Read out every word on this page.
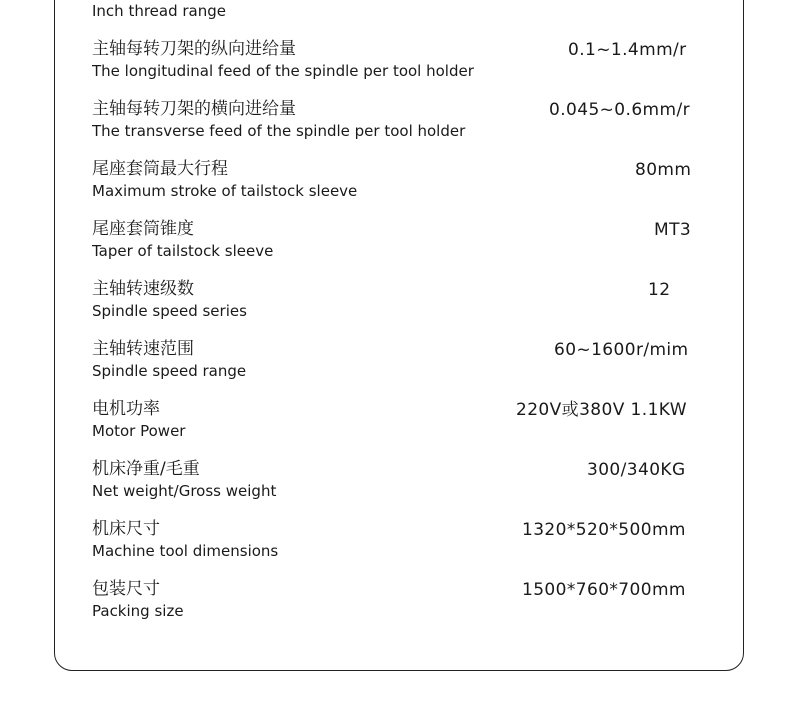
Inch thread range
主轴每转刀架的纵向进给量
The longitudinal feed of the spindle per tool holder
0.1~1.4mm/r
主轴每转刀架的横向进给量
The transverse feed of the spindle per tool holder
0.045~0.6mm/r
尾座套筒最大行程
Maximum stroke of tailstock sleeve
80mm
尾座套筒锥度
Taper of tailstock sleeve
MT3
主轴转速级数
Spindle speed series
12
主轴转速范围
Spindle speed range
60~1600r/mim
电机功率
Motor Power
220V或380V 1.1KW
机床净重/毛重
Net weight/Gross weight
300/340KG
机床尺寸
Machine tool dimensions
1320*520*500mm
包装尺寸
Packing size
1500*760*700mm
